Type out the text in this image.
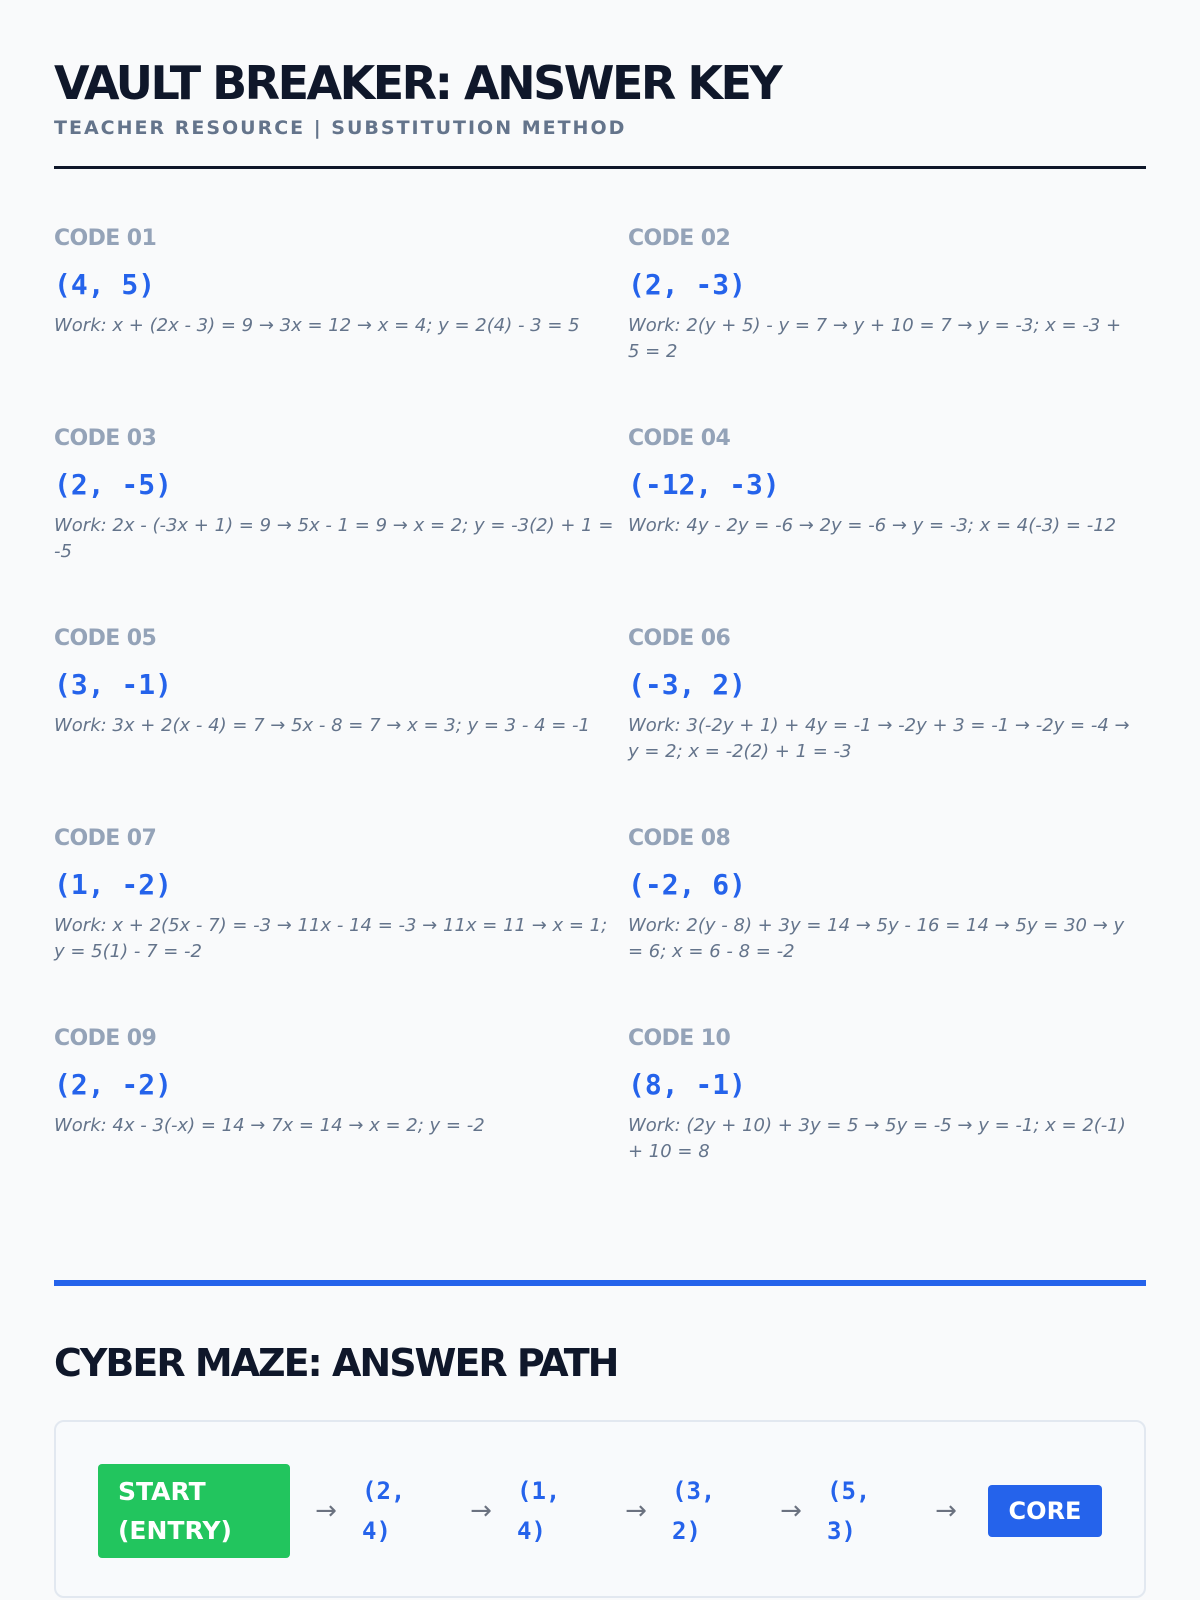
VAULT BREAKER: ANSWER KEY
TEACHER RESOURCE | SUBSTITUTION METHOD
CODE 01
(4, 5)
Work: x + (2x - 3) = 9 → 3x = 12 → x = 4; y = 2(4) - 3 = 5
CODE 02
(2, -3)
Work: 2(y + 5) - y = 7 → y + 10 = 7 → y = -3; x = -3 + 5 = 2
CODE 03
(2, -5)
Work: 2x - (-3x + 1) = 9 → 5x - 1 = 9 → x = 2; y = -3(2) + 1 = -5
CODE 04
(-12, -3)
Work: 4y - 2y = -6 → 2y = -6 → y = -3; x = 4(-3) = -12
CODE 05
(3, -1)
Work: 3x + 2(x - 4) = 7 → 5x - 8 = 7 → x = 3; y = 3 - 4 = -1
CODE 06
(-3, 2)
Work: 3(-2y + 1) + 4y = -1 → -2y + 3 = -1 → -2y = -4 → y = 2; x = -2(2) + 1 = -3
CODE 07
(1, -2)
Work: x + 2(5x - 7) = -3 → 11x - 14 = -3 → 11x = 11 → x = 1; y = 5(1) - 7 = -2
CODE 08
(-2, 6)
Work: 2(y - 8) + 3y = 14 → 5y - 16 = 14 → 5y = 30 → y = 6; x = 6 - 8 = -2
CODE 09
(2, -2)
Work: 4x - 3(-x) = 14 → 7x = 14 → x = 2; y = -2
CODE 10
(8, -1)
Work: (2y + 10) + 3y = 5 → 5y = -5 → y = -1; x = 2(-1) + 10 = 8
CYBER MAZE: ANSWER PATH
START (ENTRY)
→
(2, 4)
→
(1, 4)
→
(3, 2)
→
(5, 3)
→	CORE
